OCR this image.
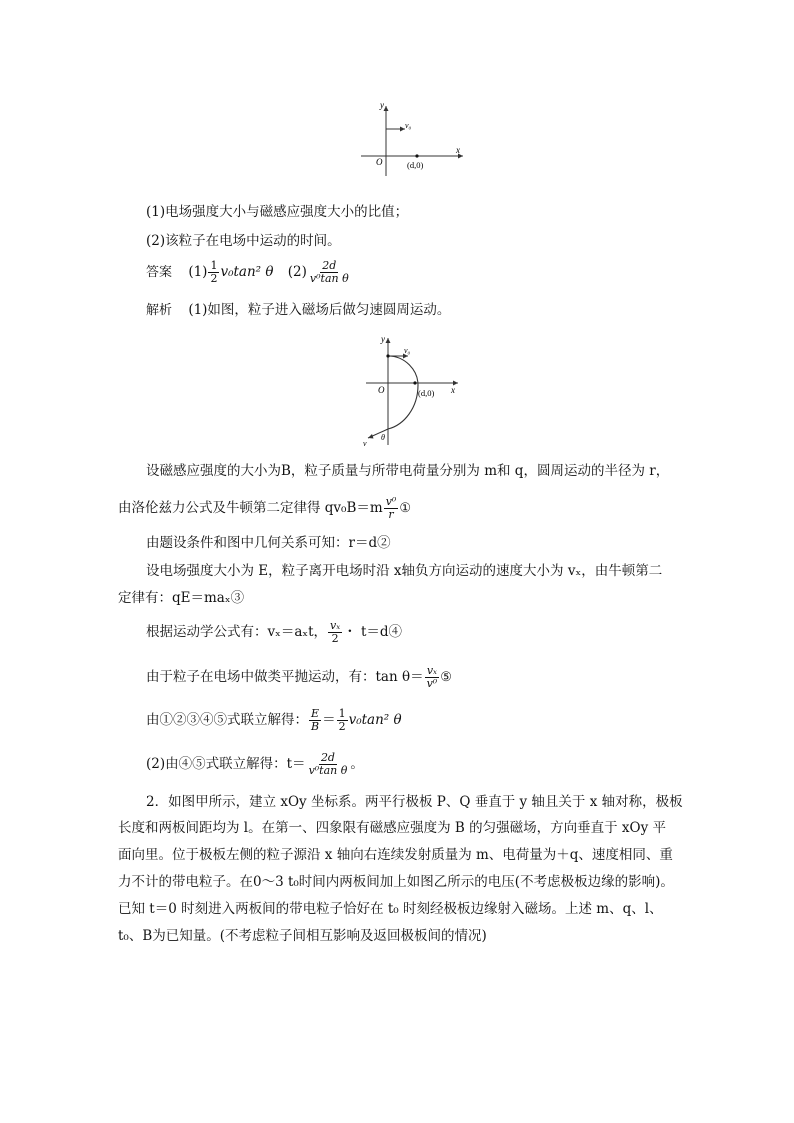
y
x
O
v₀
(d,0)
(1)电场强度大小与磁感应强度大小的比值；
(2)该粒子在电场中运动的时间。
答案 $(1) \frac{1}{2} v_0\tan^2$ θ $(2) \frac{2d}{\text{v⁰tan θ}}$
解析 (1)如图，粒子进入磁场后做匀速圆周运动。
y
x
O
v₀
(d,0)
v
θ
设磁感应强度的大小为B，粒子质量与所带电荷量分别为 m和 q，圆周运动的半径为 r，
由洛伦兹力公式及牛顿第二定律得 $qv_0B=m \frac{\text{v⁰}}{r}$ ①
由题设条件和图中几何关系可知：r＝d②
设电场强度大小为 E，粒子离开电场时沿 x轴负方向运动的速度大小为 vₓ，由牛顿第二
定律有：qE＝maₓ③
根据运动学公式有：vₓ＝aₓt， $\frac{\text{vₓ}}{2}$ ・ t＝d④
由于粒子在电场中做类平抛运动，有：$\tan \theta= \frac{\text{vₓ}}{\text{v⁰}}$ ⑤
由①②③④⑤式联立解得： $\frac{E}{B} = \frac{1}{2} v_0\tan^2$ θ
(2)由④⑤式联立解得：$t= \frac{2d}{\text{v⁰tan θ}}$ 。
2．如图甲所示，建立 xOy 坐标系。两平行极板 P、Q 垂直于 y 轴且关于 x 轴对称，极板
长度和两板间距均为 l。在第一、四象限有磁感应强度为 B 的匀强磁场，方向垂直于 xOy 平
面向里。位于极板左侧的粒子源沿 x 轴向右连续发射质量为 m、电荷量为＋q、速度相同、重
力不计的带电粒子。在0～3 t₀时间内两板间加上如图乙所示的电压(不考虑极板边缘的影响)。
已知 t＝0 时刻进入两板间的带电粒子恰好在 t₀ 时刻经极板边缘射入磁场。上述 m、q、l、
t₀、B为已知量。(不考虑粒子间相互影响及返回极板间的情况)
